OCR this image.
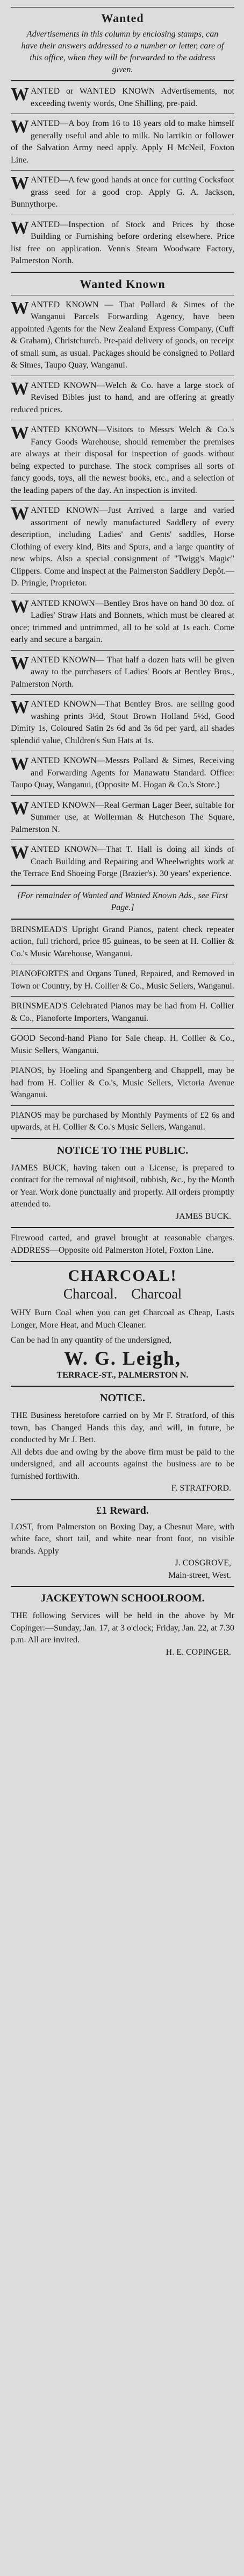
Wanted
Advertisements in this column by enclosing stamps, can have their answers addressed to a number or letter, care of this office, when they will be forwarded to the address given.
WANTED or WANTED KNOWN Advertisements, not exceeding twenty words, One Shilling, pre-paid.
WANTED—A boy from 16 to 18 years old to make himself generally useful and able to milk. No larrikin or follower of the Salvation Army need apply. Apply H McNeil, Foxton Line.
WANTED—A few good hands at once for cutting Cocksfoot grass seed for a good crop. Apply G. A. Jackson, Bunnythorpe.
WANTED—Inspection of Stock and Prices by those Building or Furnishing before ordering elsewhere. Price list free on application. Venn's Steam Woodware Factory, Palmerston North.
Wanted Known
WANTED KNOWN — That Pollard & Simes of the Wanganui Parcels Forwarding Agency, have been appointed Agents for the New Zealand Express Company, (Cuff & Graham), Christchurch. Pre-paid delivery of goods, on receipt of small sum, as usual. Packages should be consigned to Pollard & Simes, Taupo Quay, Wanganui.
WANTED KNOWN—Welch & Co. have a large stock of Revised Bibles just to hand, and are offering at greatly reduced prices.
WANTED KNOWN—Visitors to Messrs Welch & Co.'s Fancy Goods Warehouse, should remember the premises are always at their disposal for inspection of goods without being expected to purchase. The stock comprises all sorts of fancy goods, toys, all the newest books, etc., and a selection of the leading papers of the day. An inspection is invited.
WANTED KNOWN—Just Arrived a large and varied assortment of newly manufactured Saddlery of every description, including Ladies' and Gents' saddles, Horse Clothing of every kind, Bits and Spurs, and a large quantity of new whips. Also a special consignment of "Twigg's Magic" Clippers. Come and inspect at the Palmerston Saddlery Depôt.—D. Pringle, Proprietor.
WANTED KNOWN—Bentley Bros have on hand 30 doz. of Ladies' Straw Hats and Bonnets, which must be cleared at once; trimmed and untrimmed, all to be sold at 1s each. Come early and secure a bargain.
WANTED KNOWN— That half a dozen hats will be given away to the purchasers of Ladies' Boots at Bentley Bros., Palmerston North.
WANTED KNOWN—That Bentley Bros. are selling good washing prints 3½d, Stout Brown Holland 5½d, Good Dimity 1s, Coloured Satin 2s 6d and 3s 6d per yard, all shades splendid value, Children's Sun Hats at 1s.
WANTED KNOWN—Messrs Pollard & Simes, Receiving and Forwarding Agents for Manawatu Standard. Office: Taupo Quay, Wanganui, (Opposite M. Hogan & Co.'s Store.)
WANTED KNOWN—Real German Lager Beer, suitable for Summer use, at Wollerman & Hutcheson The Square, Palmerston N.
WANTED KNOWN—That T. Hall is doing all kinds of Coach Building and Repairing and Wheelwrights work at the Terrace End Shoeing Forge (Brazier's). 30 years' experience.
[For remainder of Wanted and Wanted Known Ads., see First Page.]
BRINSMEAD'S Upright Grand Pianos, patent check repeater action, full trichord, price 85 guineas, to be seen at H. Collier & Co.'s Music Warehouse, Wanganui.
PIANOFORTES and Organs Tuned, Repaired, and Removed in Town or Country, by H. Collier & Co., Music Sellers, Wanganui.
BRINSMEAD'S Celebrated Pianos may be had from H. Collier & Co., Pianoforte Importers, Wanganui.
GOOD Second-hand Piano for Sale cheap. H. Collier & Co., Music Sellers, Wanganui.
PIANOS, by Hoeling and Spangenberg and Chappell, may be had from H. Collier & Co.'s, Music Sellers, Victoria Avenue Wanganui.
PIANOS may be purchased by Monthly Payments of £2 6s and upwards, at H. Collier & Co.'s Music Sellers, Wanganui.
NOTICE TO THE PUBLIC.
JAMES BUCK, having taken out a License, is prepared to contract for the removal of nightsoil, rubbish, &c., by the Month or Year. Work done punctually and properly. All orders promptly attended to.
JAMES BUCK.
Firewood carted, and gravel brought at reasonable charges. ADDRESS—Opposite old Palmerston Hotel, Foxton Line.
CHARCOAL!
Charcoal.    Charcoal
WHY Burn Coal when you can get Charcoal as Cheap, Lasts Longer, More Heat, and Much Cleaner.
Can be had in any quantity of the undersigned,
W. G. Leigh,
TERRACE-ST., PALMERSTON N.
NOTICE.
THE Business heretofore carried on by Mr F. Stratford, of this town, has Changed Hands this day, and will, in future, be conducted by Mr J. Bett.
All debts due and owing by the above firm must be paid to the undersigned, and all accounts against the business are to be furnished forthwith.
F. STRATFORD.
£1 Reward.
LOST, from Palmerston on Boxing Day, a Chesnut Mare, with white face, short tail, and white near front foot, no visible brands. Apply
J. COSGROVE,
Main-street, West.
JACKEYTOWN SCHOOLROOM.
THE following Services will be held in the above by Mr Copinger:—Sunday, Jan. 17, at 3 o'clock; Friday, Jan. 22, at 7.30 p.m. All are invited.
H. E. COPINGER.
